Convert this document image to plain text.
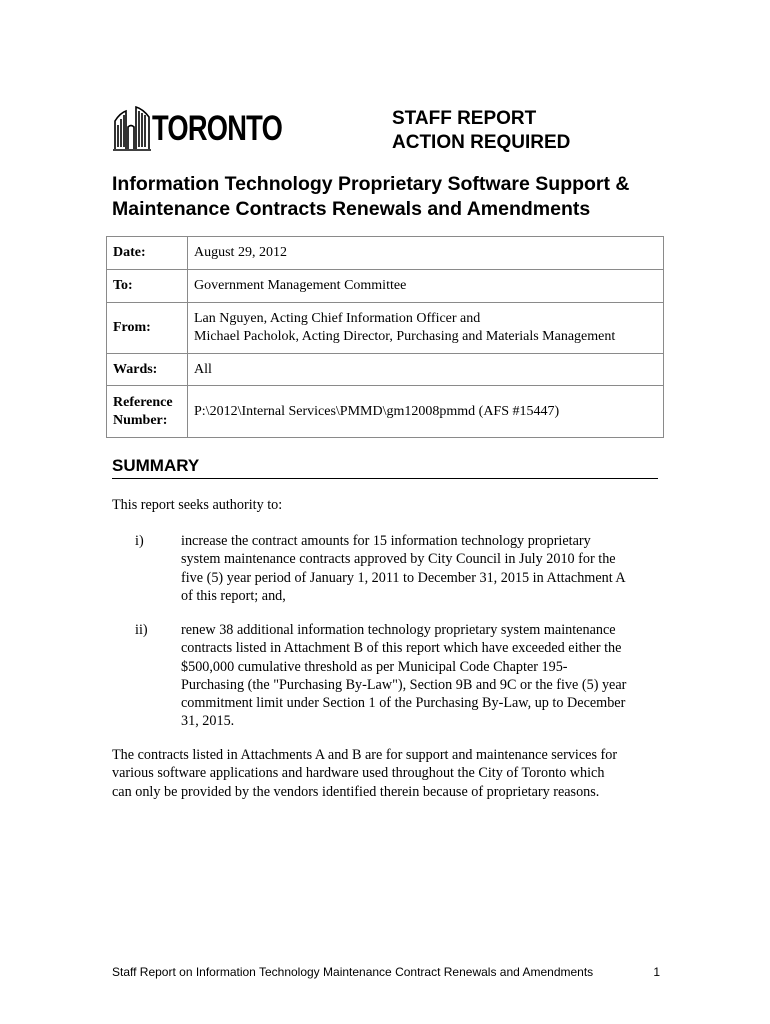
TORONTO	STAFF REPORT
ACTION REQUIRED
Information Technology Proprietary Software Support &
Maintenance Contracts Renewals and Amendments
Date:	August 29, 2012
To:	Government Management Committee
From:	Lan Nguyen, Acting Chief Information Officer and
Michael Pacholok, Acting Director, Purchasing and Materials Management

Wards:	All

Reference
Number:	P:\2012\Internal Services\PMMD\gm12008pmmd (AFS #15447)
SUMMARY
This report seeks authority to:
i)	increase the contract amounts for 15 information technology proprietary
system maintenance contracts approved by City Council in July 2010 for the
five (5) year period of January 1, 2011 to December 31, 2015 in Attachment A
of this report; and,
ii) renew 38 additional information technology proprietary system maintenance
contracts listed in Attachment B of this report which have exceeded either the
$500,000 cumulative threshold as per Municipal Code Chapter 195-
Purchasing (the "Purchasing By-Law"), Section 9B and 9C or the five (5) year
commitment limit under Section 1 of the Purchasing By-Law, up to December
31, 2015.
The contracts listed in Attachments A and B are for support and maintenance services for
various software applications and hardware used throughout the City of Toronto which
can only be provided by the vendors identified therein because of proprietary reasons.
Staff Report on Information Technology Maintenance Contract Renewals and Amendments	1
